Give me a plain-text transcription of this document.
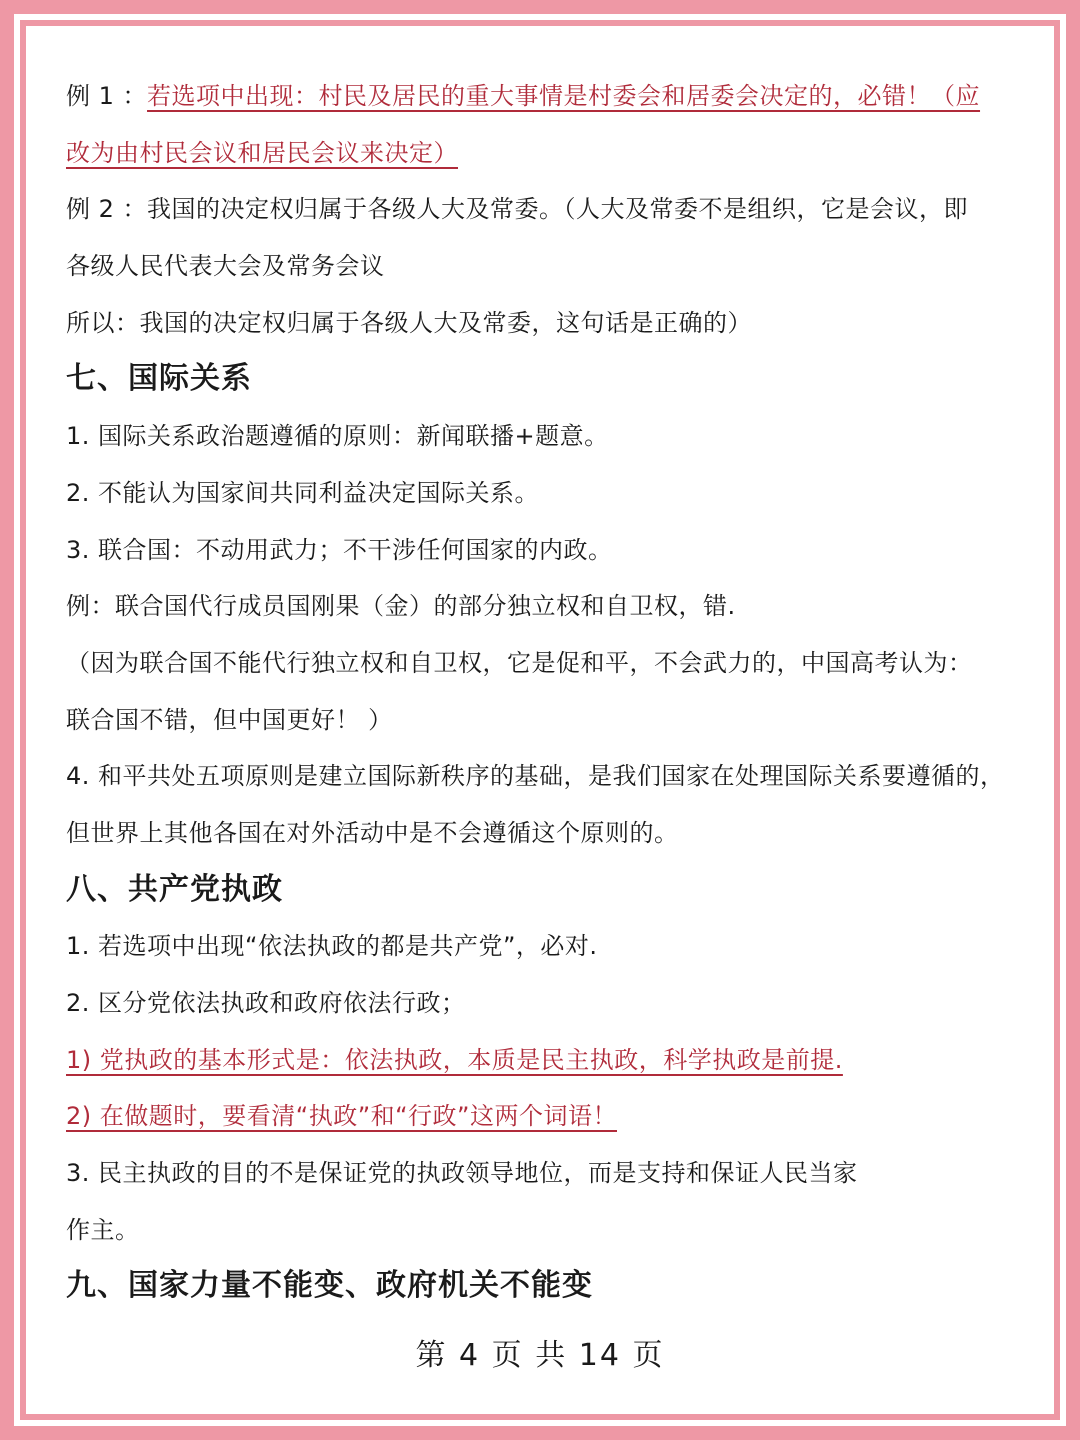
例 1 ：若选项中出现：村民及居民的重大事情是村委会和居委会决定的，必错！（应
改为由村民会议和居民会议来决定）
例 2 ：我国的决定权归属于各级人大及常委。（人大及常委不是组织，它是会议，即
各级人民代表大会及常务会议
所以：我国的决定权归属于各级人大及常委，这句话是正确的）
七、国际关系
1. 国际关系政治题遵循的原则：新闻联播+题意。
2. 不能认为国家间共同利益决定国际关系。
3. 联合国：不动用武力；不干涉任何国家的内政。
例：联合国代行成员国刚果（金）的部分独立权和自卫权，错.
（因为联合国不能代行独立权和自卫权，它是促和平，不会武力的，中国高考认为：
联合国不错，但中国更好！ ）
4. 和平共处五项原则是建立国际新秩序的基础，是我们国家在处理国际关系要遵循的，
但世界上其他各国在对外活动中是不会遵循这个原则的。
八、共产党执政
1. 若选项中出现“依法执政的都是共产党”，必对.
2. 区分党依法执政和政府依法行政；
1) 党执政的基本形式是：依法执政，本质是民主执政，科学执政是前提.
2) 在做题时，要看清“执政”和“行政”这两个词语！
3. 民主执政的目的不是保证党的执政领导地位，而是支持和保证人民当家
作主。
九、国家力量不能变、政府机关不能变
第 4 页 共 14 页
